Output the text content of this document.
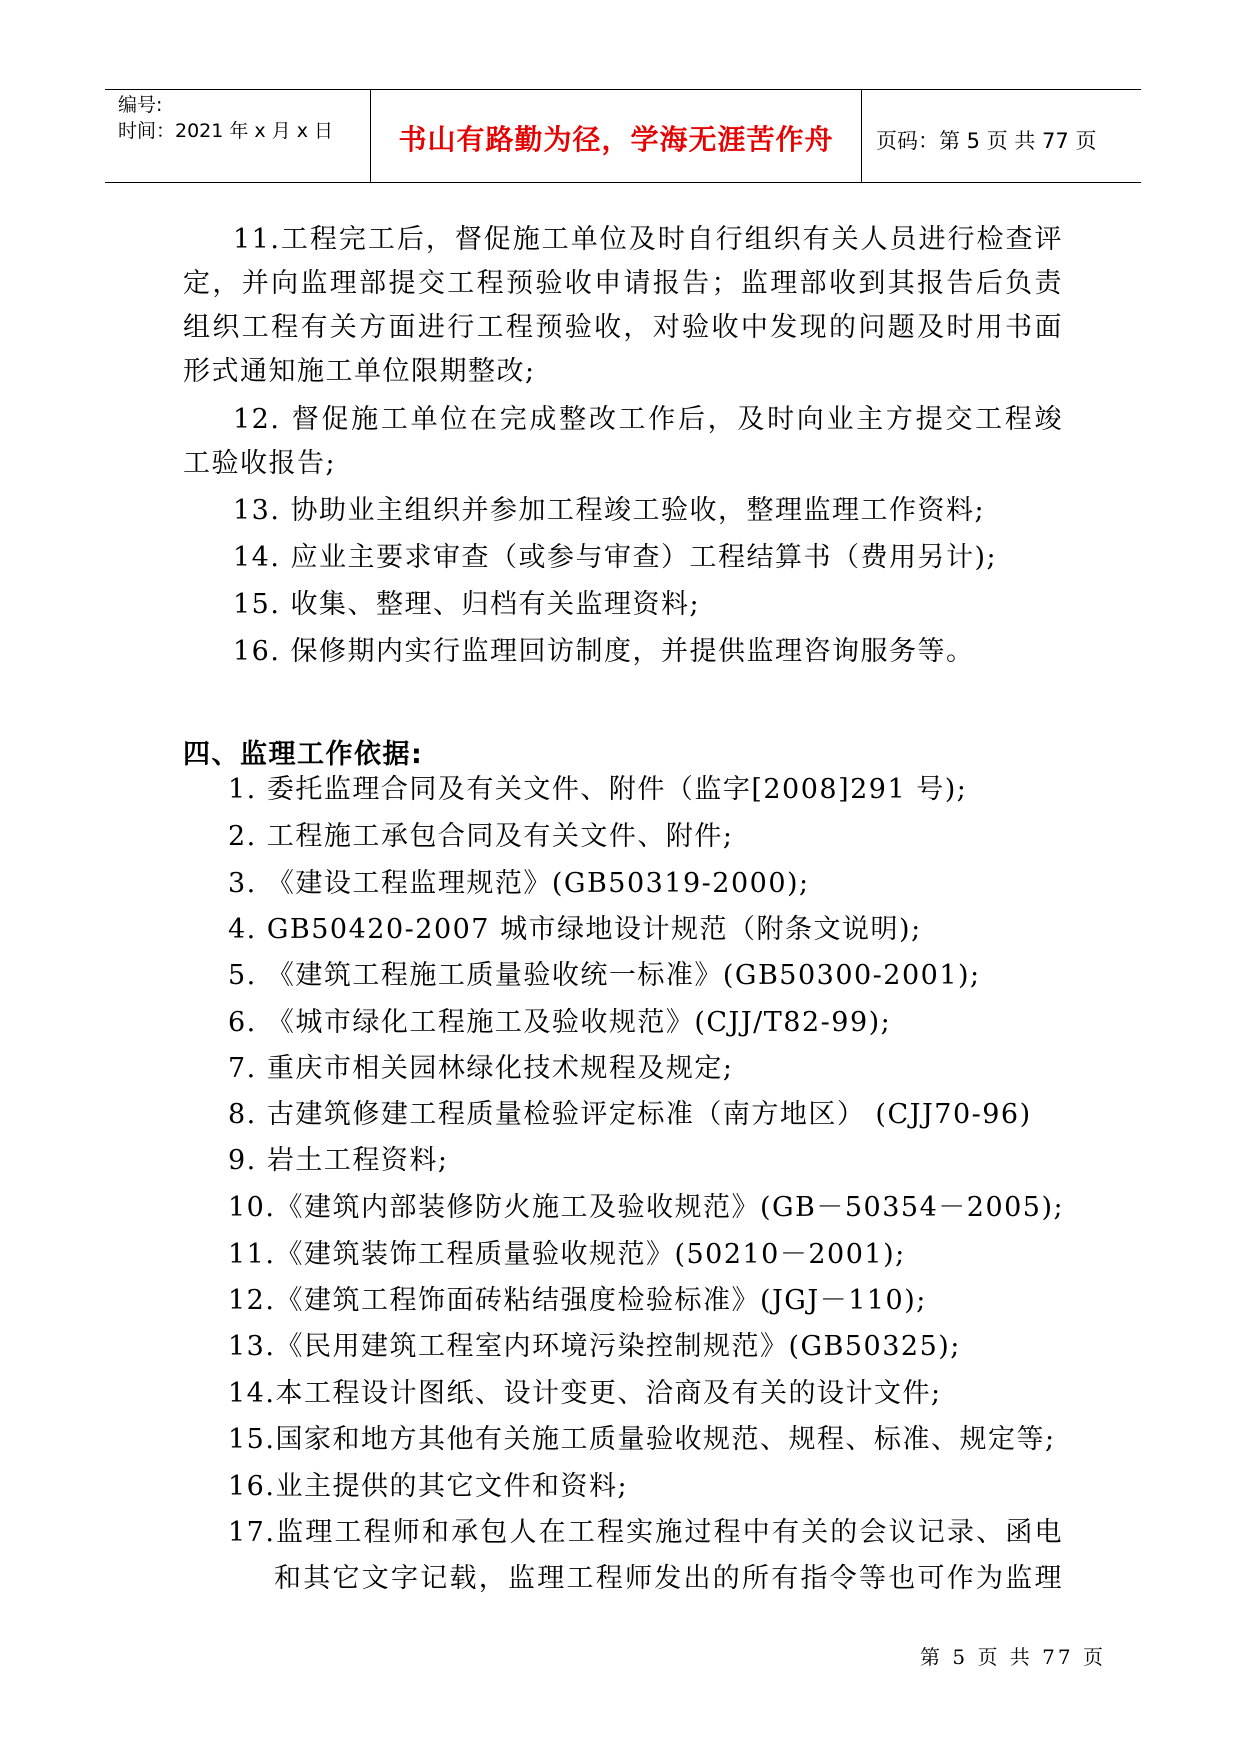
编号:
时间：2021 年 x 月 x 日	书山有路勤为径，学海无涯苦作舟	页码：第 5 页 共 77 页
11.工程完工后，督促施工单位及时自行组织有关人员进行检查评
定，并向监理部提交工程预验收申请报告；监理部收到其报告后负责
组织工程有关方面进行工程预验收，对验收中发现的问题及时用书面
形式通知施工单位限期整改;
12. 督促施工单位在完成整改工作后，及时向业主方提交工程竣
工验收报告;
13. 协助业主组织并参加工程竣工验收，整理监理工作资料;
14. 应业主要求审查（或参与审查）工程结算书（费用另计);
15. 收集、整理、归档有关监理资料;
16. 保修期内实行监理回访制度，并提供监理咨询服务等。
四、监理工作依据:
1. 委托监理合同及有关文件、附件（监字[2008]291 号);
2. 工程施工承包合同及有关文件、附件;
3. 《建设工程监理规范》(GB50319-2000);
4. GB50420-2007 城市绿地设计规范（附条文说明);
5. 《建筑工程施工质量验收统一标准》(GB50300-2001);
6. 《城市绿化工程施工及验收规范》(CJJ/T82-99);
7. 重庆市相关园林绿化技术规程及规定;
8. 古建筑修建工程质量检验评定标准（南方地区） (CJJ70-96)
9. 岩土工程资料;
10.《建筑内部装修防火施工及验收规范》(GB－50354－2005);
11.《建筑装饰工程质量验收规范》(50210－2001);
12.《建筑工程饰面砖粘结强度检验标准》(JGJ－110);
13.《民用建筑工程室内环境污染控制规范》(GB50325);
14.本工程设计图纸、设计变更、洽商及有关的设计文件;
15.国家和地方其他有关施工质量验收规范、规程、标准、规定等;
16.业主提供的其它文件和资料;
17.监理工程师和承包人在工程实施过程中有关的会议记录、函电
和其它文字记载，监理工程师发出的所有指令等也可作为监理
第 5 页 共 77 页
